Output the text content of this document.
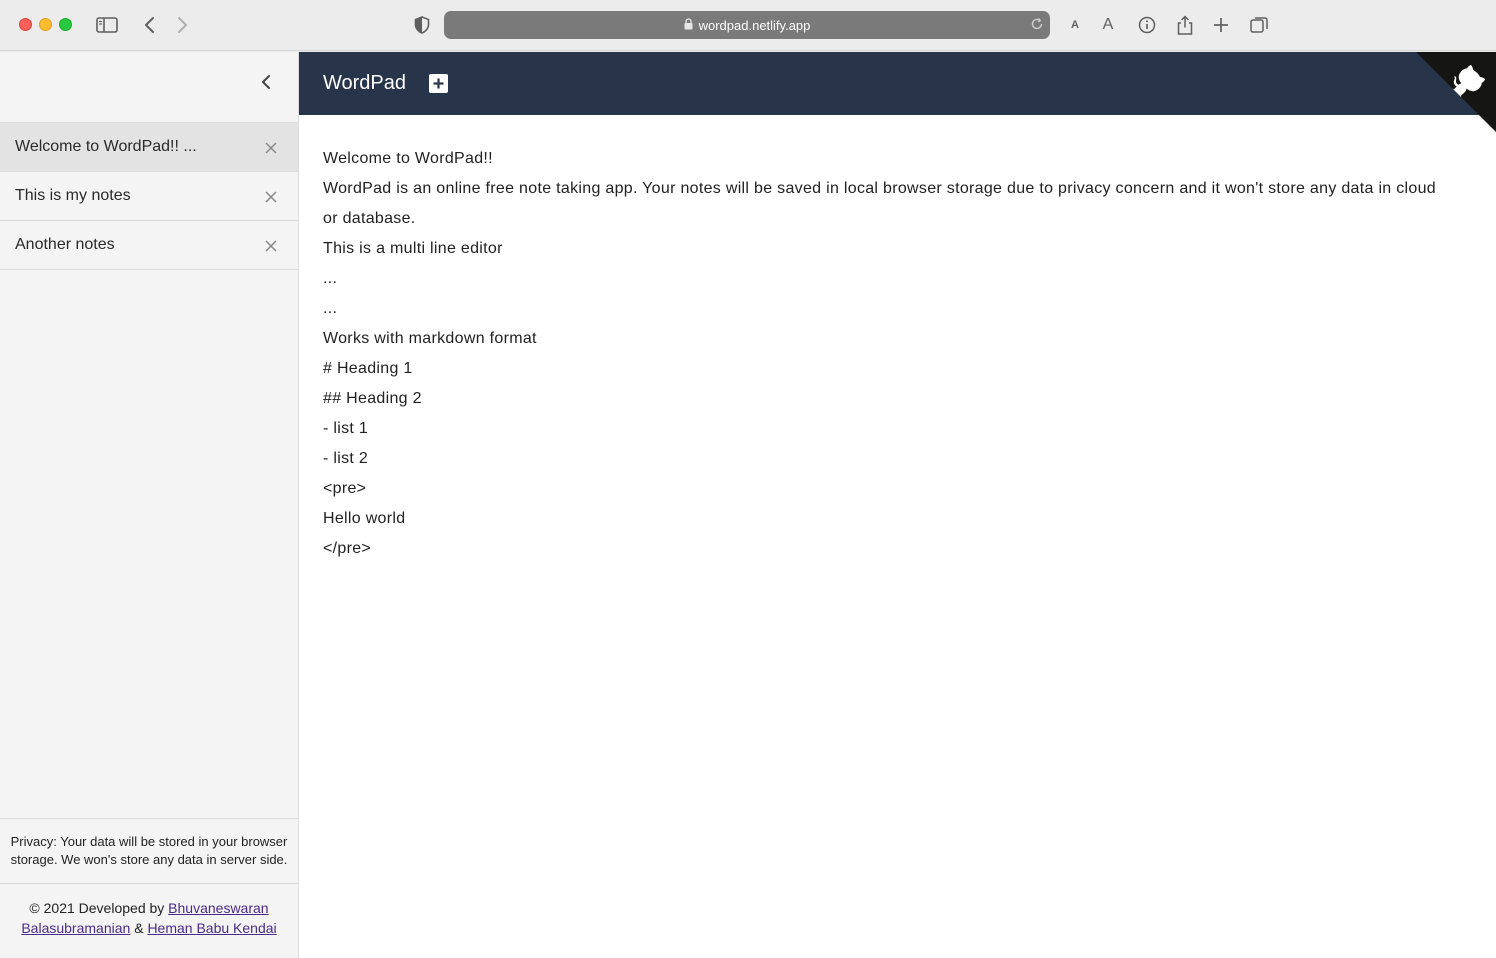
wordpad.netlify.app	A A
Welcome to WordPad!! ...
This is my notes
Another notes
Privacy: Your data will be stored in your browser storage. We won's store any data in server side.
© 2021 Developed by Bhuvaneswaran Balasubramanian & Heman Babu Kendai
WordPad
Welcome to WordPad!!
WordPad is an online free note taking app. Your notes will be saved in local browser storage due to privacy concern and it won't store any data in cloud
or database.
This is a multi line editor
...
...
Works with markdown format
# Heading 1
## Heading 2
- list 1
- list 2
<pre>
Hello world
</pre>
